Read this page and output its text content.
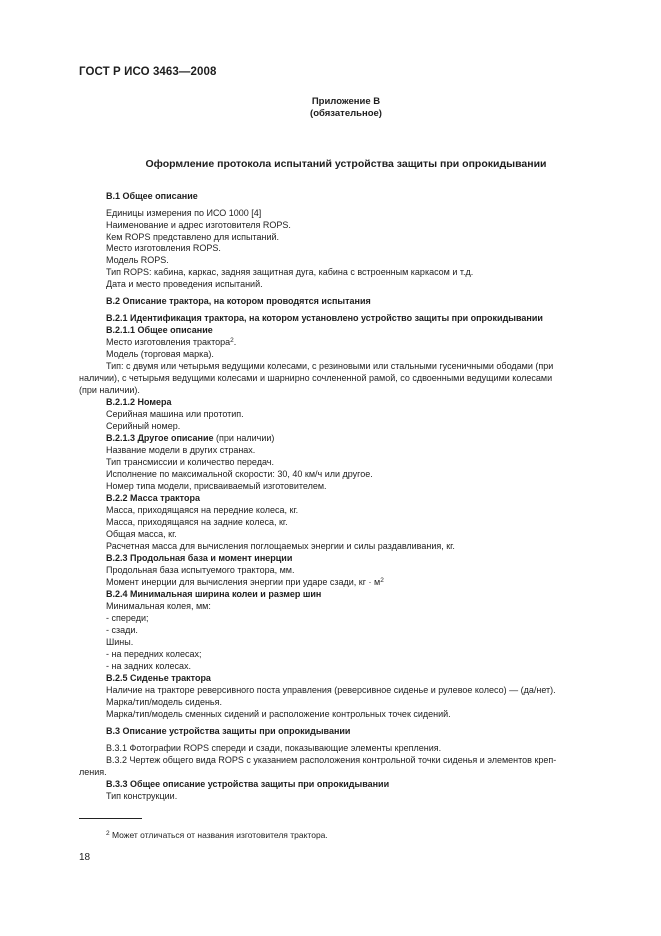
ГОСТ Р ИСО 3463—2008
Приложение В
(обязательное)
Оформление протокола испытаний устройства защиты при опрокидывании
В.1 Общее описание
Единицы измерения по ИСО 1000 [4]
Наименование и адрес изготовителя ROPS.
Кем ROPS представлено для испытаний.
Место изготовления ROPS.
Модель ROPS.
Тип ROPS: кабина, каркас, задняя защитная дуга, кабина с встроенным каркасом и т.д.
Дата и место проведения испытаний.
В.2 Описание трактора, на котором проводятся испытания
В.2.1 Идентификация трактора, на котором установлено устройство защиты при опрокидывании
В.2.1.1 Общее описание
Место изготовления трактора$^2$.
Модель (торговая марка).
Тип: с двумя или четырьмя ведущими колесами, с резиновыми или стальными гусеничными ободами (при
наличии), с четырьмя ведущими колесами и шарнирно сочлененной рамой, со сдвоенными ведущими колесами
(при наличии).
В.2.1.2 Номера
Серийная машина или прототип.
Серийный номер.
В.2.1.3 Другое описание (при наличии)
Название модели в других странах.
Тип трансмиссии и количество передач.
Исполнение по максимальной скорости: 30, 40 км/ч или другое.
Номер типа модели, присваиваемый изготовителем.
В.2.2 Масса трактора
Масса, приходящаяся на передние колеса, кг.
Масса, приходящаяся на задние колеса, кг.
Общая масса, кг.
Расчетная масса для вычисления поглощаемых энергии и силы раздавливания, кг.
В.2.3 Продольная база и момент инерции
Продольная база испытуемого трактора, мм.
Момент инерции для вычисления энергии при ударе сзади, кг · $м^2$
В.2.4 Минимальная ширина колеи и размер шин
Минимальная колея, мм:
- спереди;
- сзади.
Шины.
- на передних колесах;
- на задних колесах.
В.2.5 Сиденье трактора
Наличие на тракторе реверсивного поста управления (реверсивное сиденье и рулевое колесо) — (да/нет).
Марка/тип/модель сиденья.
Марка/тип/модель сменных сидений и расположение контрольных точек сидений.
В.3 Описание устройства защиты при опрокидывании
В.3.1 Фотографии ROPS спереди и сзади, показывающие элементы крепления.
В.3.2 Чертеж общего вида ROPS с указанием расположения контрольной точки сиденья и элементов креп-
ления.
В.3.3 Общее описание устройства защиты при опрокидывании
Тип конструкции.
$^2$ Может отличаться от названия изготовителя трактора.
18
